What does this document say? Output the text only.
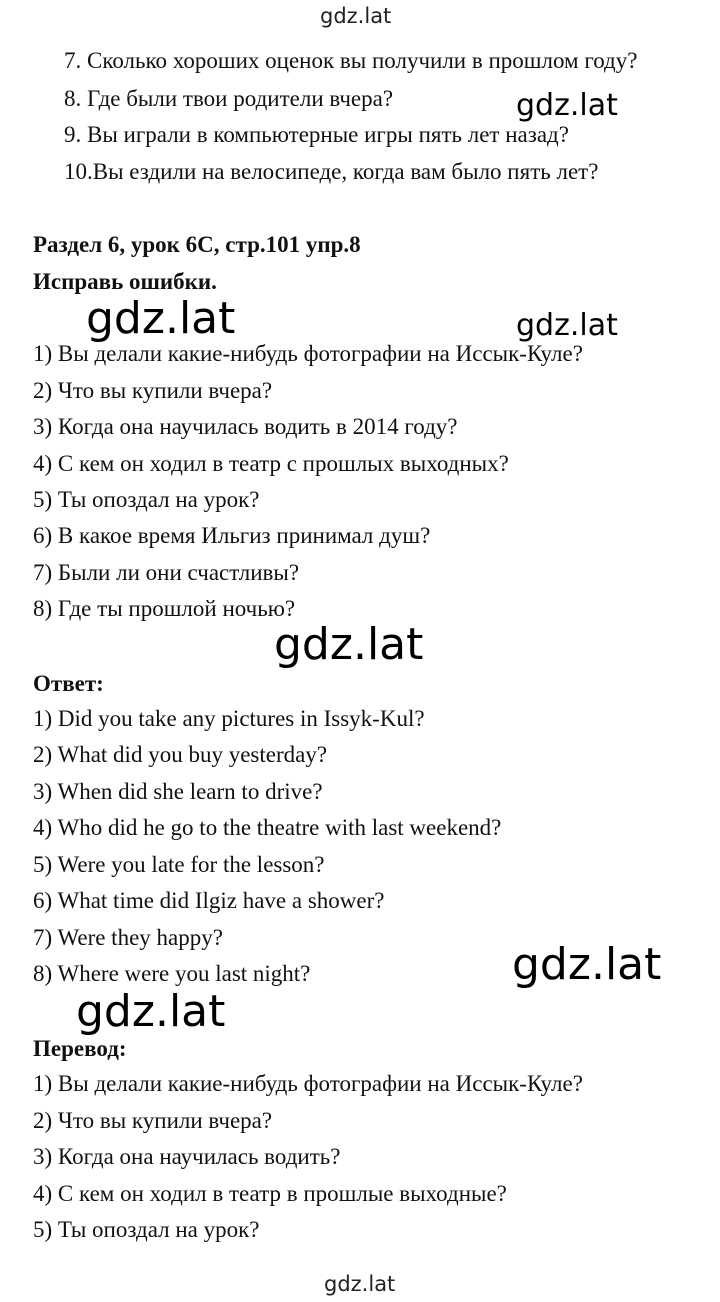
gdz.lat
gdz.lat
gdz.lat	gdz.lat
gdz.lat
gdz.lat
gdz.lat
gdz.lat
7. Сколько хороших оценок вы получили в прошлом году?
8. Где были твои родители вчера?
9. Вы играли в компьютерные игры пять лет назад?
10.Вы ездили на велосипеде, когда вам было пять лет?
Раздел 6, урок 6С, стр.101 упр.8
Исправь ошибки.
1) Вы делали какие-нибудь фотографии на Иссык-Куле?
2) Что вы купили вчера?
3) Когда она научилась водить в 2014 году?
4) С кем он ходил в театр с прошлых выходных?
5) Ты опоздал на урок?
6) В какое время Ильгиз принимал душ?
7) Были ли они счастливы?
8) Где ты прошлой ночью?
Ответ:
1) Did you take any pictures in Issyk-Kul?
2) What did you buy yesterday?
3) When did she learn to drive?
4) Who did he go to the theatre with last weekend?
5) Were you late for the lesson?
6) What time did Ilgiz have a shower?
7) Were they happy?
8) Where were you last night?
Перевод:
1) Вы делали какие-нибудь фотографии на Иссык-Куле?
2) Что вы купили вчера?
3) Когда она научилась водить?
4) С кем он ходил в театр в прошлые выходные?
5) Ты опоздал на урок?
